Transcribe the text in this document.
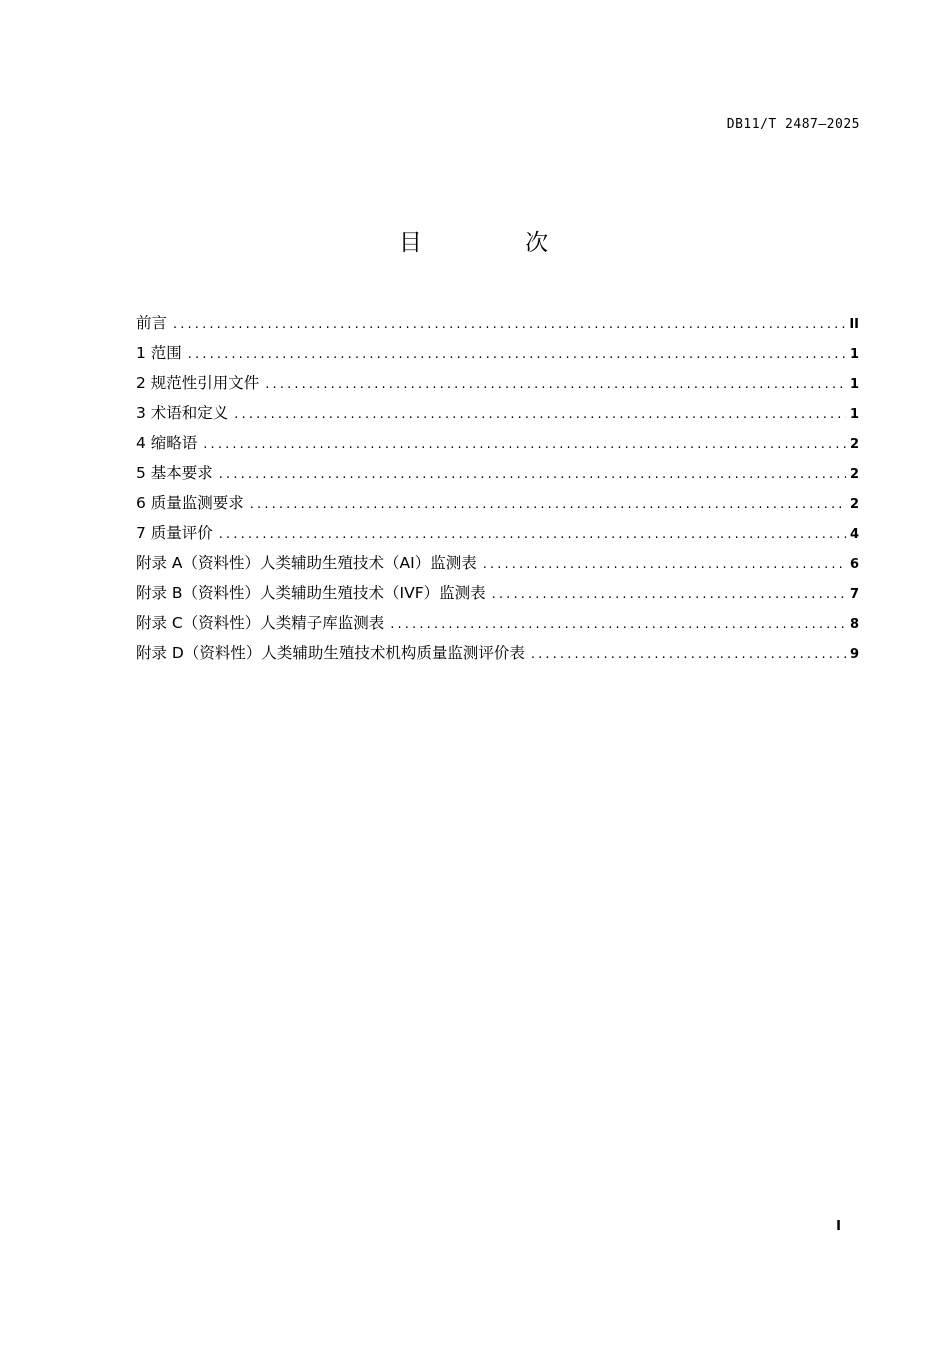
DB11/T 2487—2025
目 次
前言 . . .	II
1 范围 . . .	1
2 规范性引用文件 . . .	1
3 术语和定义 . . .	1
4 缩略语 . . .	2
5 基本要求 . . .	2
6 质量监测要求 . . .	2
7 质量评价 . . .	4
附录 A（资料性）人类辅助生殖技术（AI）监测表 . . .	6
附录 B（资料性）人类辅助生殖技术（IVF）监测表 . . .	7
附录 C（资料性）人类精子库监测表 . . .	8
附录 D（资料性）人类辅助生殖技术机构质量监测评价表 . . .	9
I
